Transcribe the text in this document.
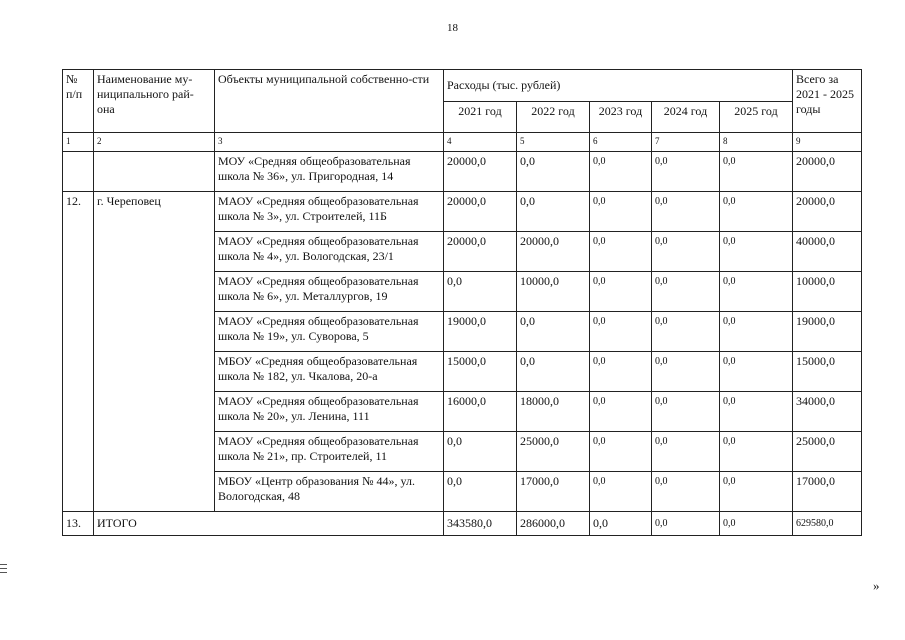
18
№ п/п	Наименование му-ниципального рай-она	Объекты муниципальной собственно-сти	Расходы (тыс. рублей)					Всего за 2021 - 2025 годы
			2021 год	2022 год	2023 год	2024 год	2025 год	
1	2	3	4	5	6	7	8	9
		МОУ «Средняя общеобразовательная школа № 36», ул. Пригородная, 14	20000,0	0,0	0,0	0,0	0,0	20000,0
12.	г. Череповец	МАОУ «Средняя общеобразовательная школа № 3», ул. Строителей, 11Б	20000,0	0,0	0,0	0,0	0,0	20000,0
		МАОУ «Средняя общеобразовательная школа № 4», ул. Вологодская, 23/1	20000,0	20000,0	0,0	0,0	0,0	40000,0
		МАОУ «Средняя общеобразовательная школа № 6», ул. Металлургов, 19	0,0	10000,0	0,0	0,0	0,0	10000,0
		МАОУ «Средняя общеобразовательная школа № 19», ул. Суворова, 5	19000,0	0,0	0,0	0,0	0,0	19000,0
		МБОУ «Средняя общеобразовательная школа № 182, ул. Чкалова, 20-а	15000,0	0,0	0,0	0,0	0,0	15000,0
		МАОУ «Средняя общеобразовательная школа № 20», ул. Ленина, 111	16000,0	18000,0	0,0	0,0	0,0	34000,0
		МАОУ «Средняя общеобразовательная школа № 21», пр. Строителей, 11	0,0	25000,0	0,0	0,0	0,0	25000,0
		МБОУ «Центр образования № 44», ул. Вологодская, 48	0,0	17000,0	0,0	0,0	0,0	17000,0
13.	ИТОГО		343580,0	286000,0	0,0	0,0	0,0	629580,0
»
